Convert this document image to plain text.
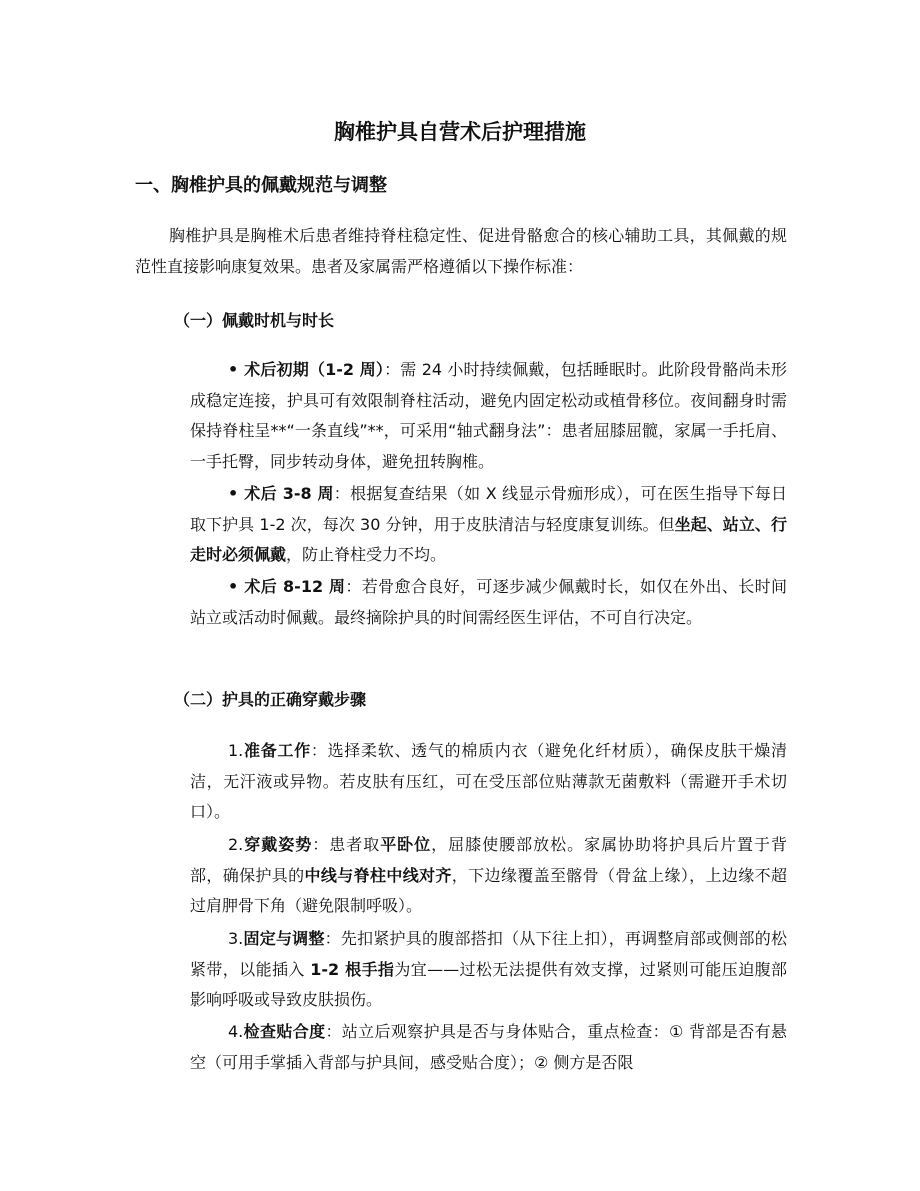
胸椎护具自营术后护理措施
一、胸椎护具的佩戴规范与调整

胸椎护具是胸椎术后患者维持脊柱稳定性、促进骨骼愈合的核心辅助工具，其佩戴的规范性直接影响康复效果。患者及家属需严格遵循以下操作标准：

（一）佩戴时机与时长

• 术后初期（1-2 周）：需 24 小时持续佩戴，包括睡眠时。此阶段骨骼尚未形成稳定连接，护具可有效限制脊柱活动，避免内固定松动或植骨移位。夜间翻身时需保持脊柱呈**“一条直线”**，可采用“轴式翻身法”：患者屈膝屈髋，家属一手托肩、一手托臀，同步转动身体，避免扭转胸椎。

• 术后 3-8 周：根据复查结果（如 X 线显示骨痂形成），可在医生指导下每日取下护具 1-2 次，每次 30 分钟，用于皮肤清洁与轻度康复训练。但坐起、站立、行走时必须佩戴，防止脊柱受力不均。

• 术后 8-12 周：若骨愈合良好，可逐步减少佩戴时长，如仅在外出、长时间站立或活动时佩戴。最终摘除护具的时间需经医生评估，不可自行决定。

（二）护具的正确穿戴步骤

1.准备工作：选择柔软、透气的棉质内衣（避免化纤材质），确保皮肤干燥清洁，无汗液或异物。若皮肤有压红，可在受压部位贴薄款无菌敷料（需避开手术切口）。

2.穿戴姿势：患者取平卧位，屈膝使腰部放松。家属协助将护具后片置于背部，确保护具的中线与脊柱中线对齐，下边缘覆盖至髂骨（骨盆上缘），上边缘不超过肩胛骨下角（避免限制呼吸）。

3.固定与调整：先扣紧护具的腹部搭扣（从下往上扣），再调整肩部或侧部的松紧带，以能插入 1-2 根手指为宜——过松无法提供有效支撑，过紧则可能压迫腹部影响呼吸或导致皮肤损伤。

4.检查贴合度：站立后观察护具是否与身体贴合，重点检查：① 背部是否有悬空（可用手掌插入背部与护具间，感受贴合度）；② 侧方是否限
